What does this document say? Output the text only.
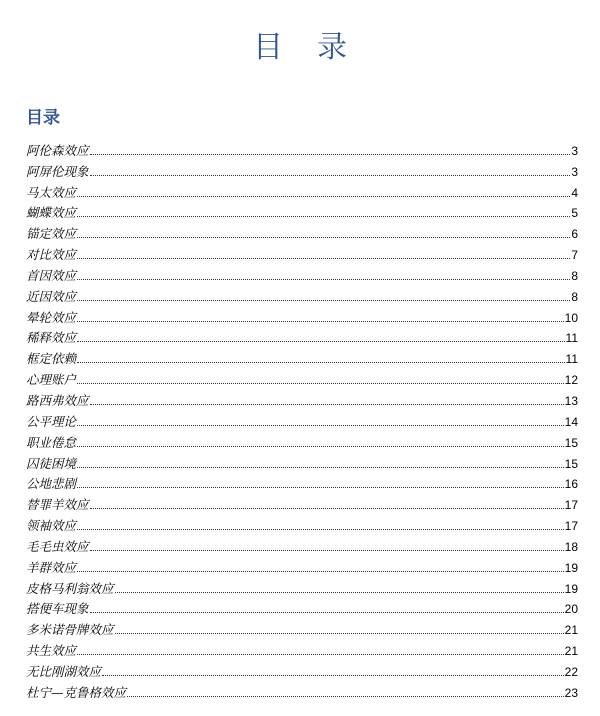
目录
目录
阿伦森效应	3
阿屏伦现象	3
马太效应	4
蝴蝶效应	5
锚定效应	6
对比效应	7
首因效应	8
近因效应	8
晕轮效应	10
稀释效应	11
框定依赖	11
心理账户	12
路西弗效应	13
公平理论	14
职业倦怠	15
囚徒困境	15
公地悲剧	16
替罪羊效应	17
领袖效应	17
毛毛虫效应	18
羊群效应	19
皮格马利翁效应	19
搭便车现象	20
多米诺骨牌效应	21
共生效应	21
无比刚湖效应	22
杜宁—克鲁格效应	23
